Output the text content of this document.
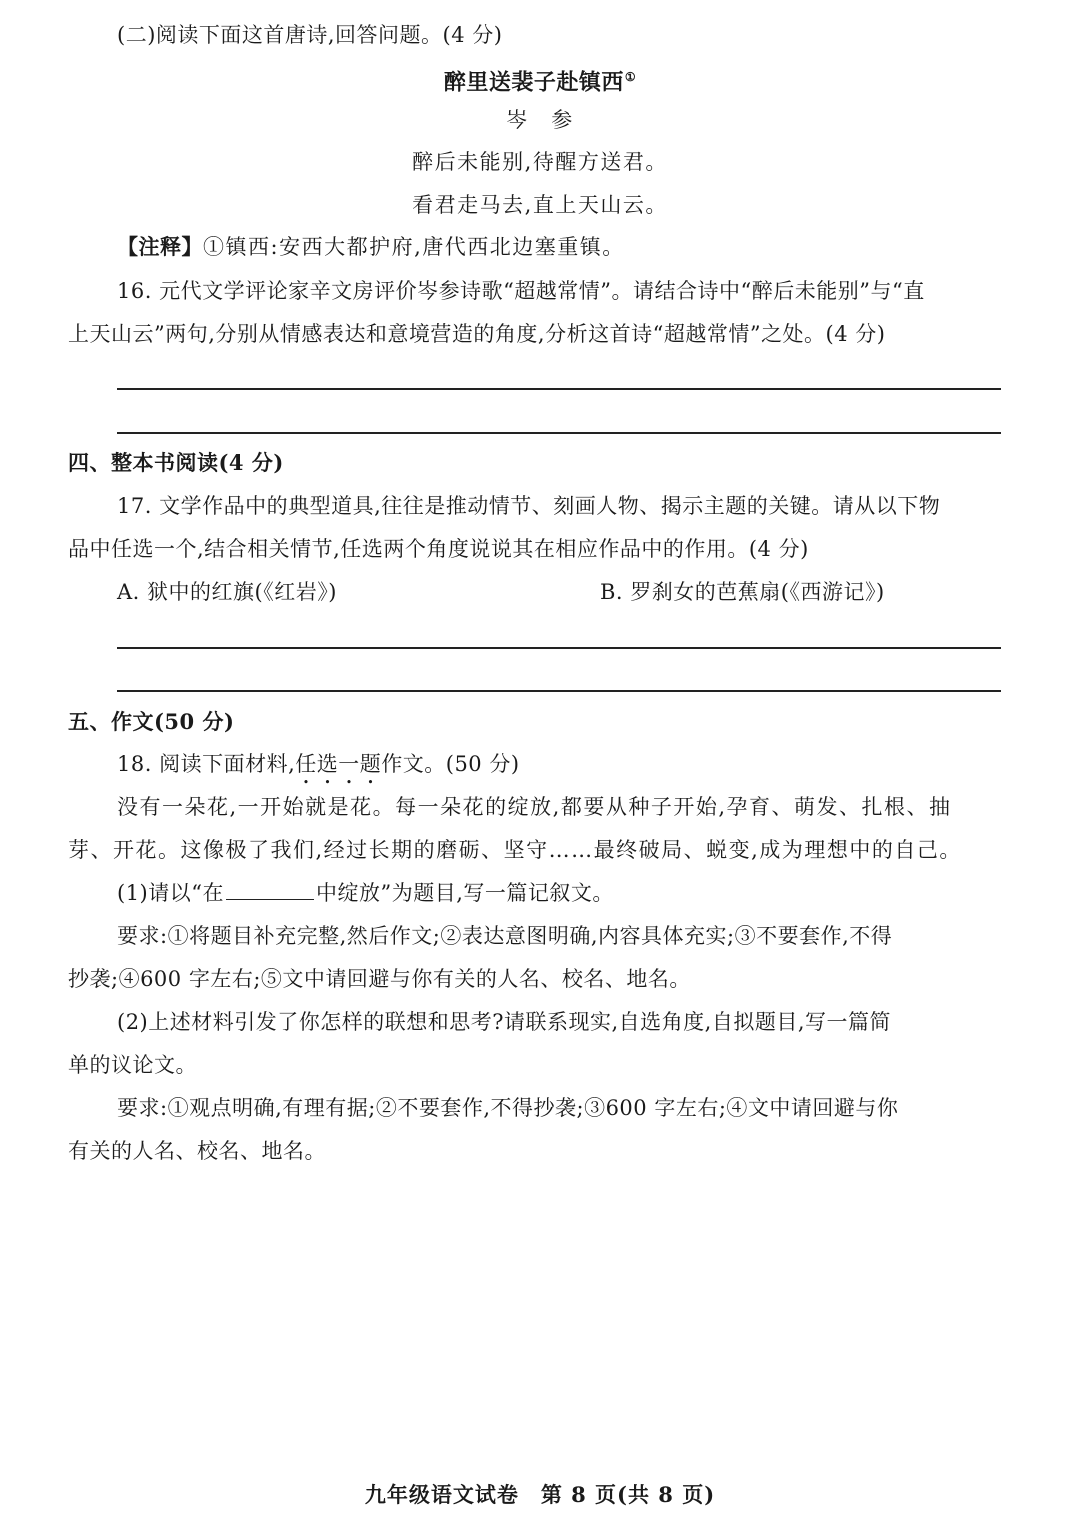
(二)阅读下面这首唐诗,回答问题。(4 分)
醉里送裴子赴镇西①
岑　参
醉后未能别,待醒方送君。
看君走马去,直上天山云。
【注释】①镇西:安西大都护府,唐代西北边塞重镇。
16. 元代文学评论家辛文房评价岑参诗歌“超越常情”。请结合诗中“醉后未能别”与“直
上天山云”两句,分别从情感表达和意境营造的角度,分析这首诗“超越常情”之处。(4 分)
四、整本书阅读(4 分)
17. 文学作品中的典型道具,往往是推动情节、刻画人物、揭示主题的关键。请从以下物
品中任选一个,结合相关情节,任选两个角度说说其在相应作品中的作用。(4 分)
A. 狱中的红旗(《红岩》)	B. 罗刹女的芭蕉扇(《西游记》)
五、作文(50 分)
18. 阅读下面材料,任选一题作文。(50 分)
没有一朵花,一开始就是花。每一朵花的绽放,都要从种子开始,孕育、萌发、扎根、抽
芽、开花。这像极了我们,经过长期的磨砺、坚守……最终破局、蜕变,成为理想中的自己。
(1)请以“在	中绽放”为题目,写一篇记叙文。
要求:①将题目补充完整,然后作文;②表达意图明确,内容具体充实;③不要套作,不得
抄袭;④600 字左右;⑤文中请回避与你有关的人名、校名、地名。
(2)上述材料引发了你怎样的联想和思考?请联系现实,自选角度,自拟题目,写一篇简
单的议论文。
要求:①观点明确,有理有据;②不要套作,不得抄袭;③600 字左右;④文中请回避与你
有关的人名、校名、地名。
九年级语文试卷　第 8 页(共 8 页)
